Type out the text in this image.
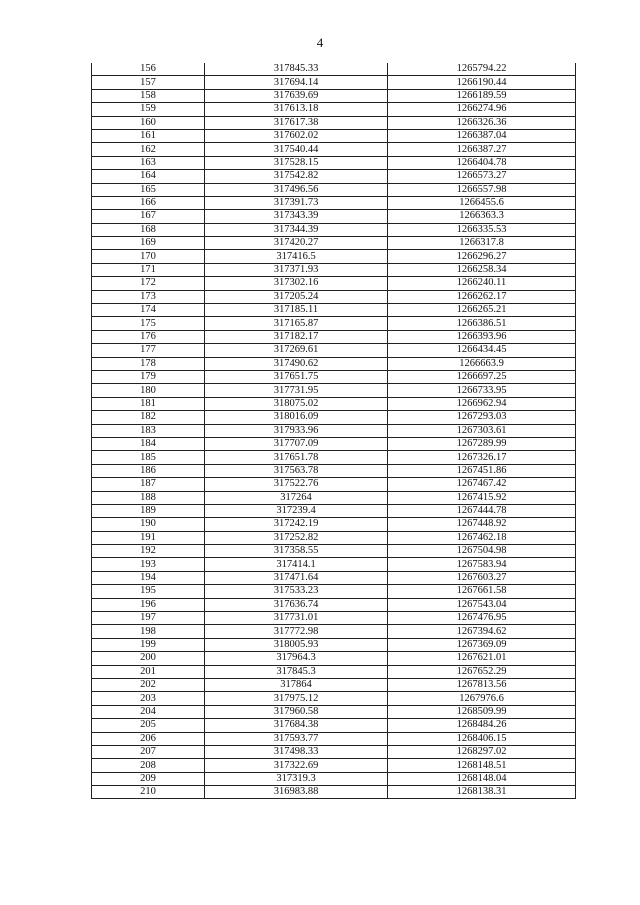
4
156	317845.33	1265794.22
157	317694.14	1266190.44
158	317639.69	1266189.59
159	317613.18	1266274.96
160	317617.38	1266326.36
161	317602.02	1266387.04
162	317540.44	1266387.27
163	317528.15	1266404.78
164	317542.82	1266573.27
165	317496.56	1266557.98
166	317391.73	1266455.6
167	317343.39	1266363.3
168	317344.39	1266335.53
169	317420.27	1266317.8
170	317416.5	1266296.27
171	317371.93	1266258.34
172	317302.16	1266240.11
173	317205.24	1266262.17
174	317185.11	1266265.21
175	317165.87	1266386.51
176	317182.17	1266393.96
177	317269.61	1266434.45
178	317490.62	1266663.9
179	317651.75	1266697.25
180	317731.95	1266733.95
181	318075.02	1266962.94
182	318016.09	1267293.03
183	317933.96	1267303.61
184	317707.09	1267289.99
185	317651.78	1267326.17
186	317563.78	1267451.86
187	317522.76	1267467.42
188	317264	1267415.92
189	317239.4	1267444.78
190	317242.19	1267448.92
191	317252.82	1267462.18
192	317358.55	1267504.98
193	317414.1	1267583.94
194	317471.64	1267603.27
195	317533.23	1267661.58
196	317636.74	1267543.04
197	317731.01	1267476.95
198	317772.98	1267394.62
199	318005.93	1267369.09
200	317964.3	1267621.01
201	317845.3	1267652.29
202	317864	1267813.56
203	317975.12	1267976.6
204	317960.58	1268509.99
205	317684.38	1268484.26
206	317593.77	1268406.15
207	317498.33	1268297.02
208	317322.69	1268148.51
209	317319.3	1268148.04
210	316983.88	1268138.31
